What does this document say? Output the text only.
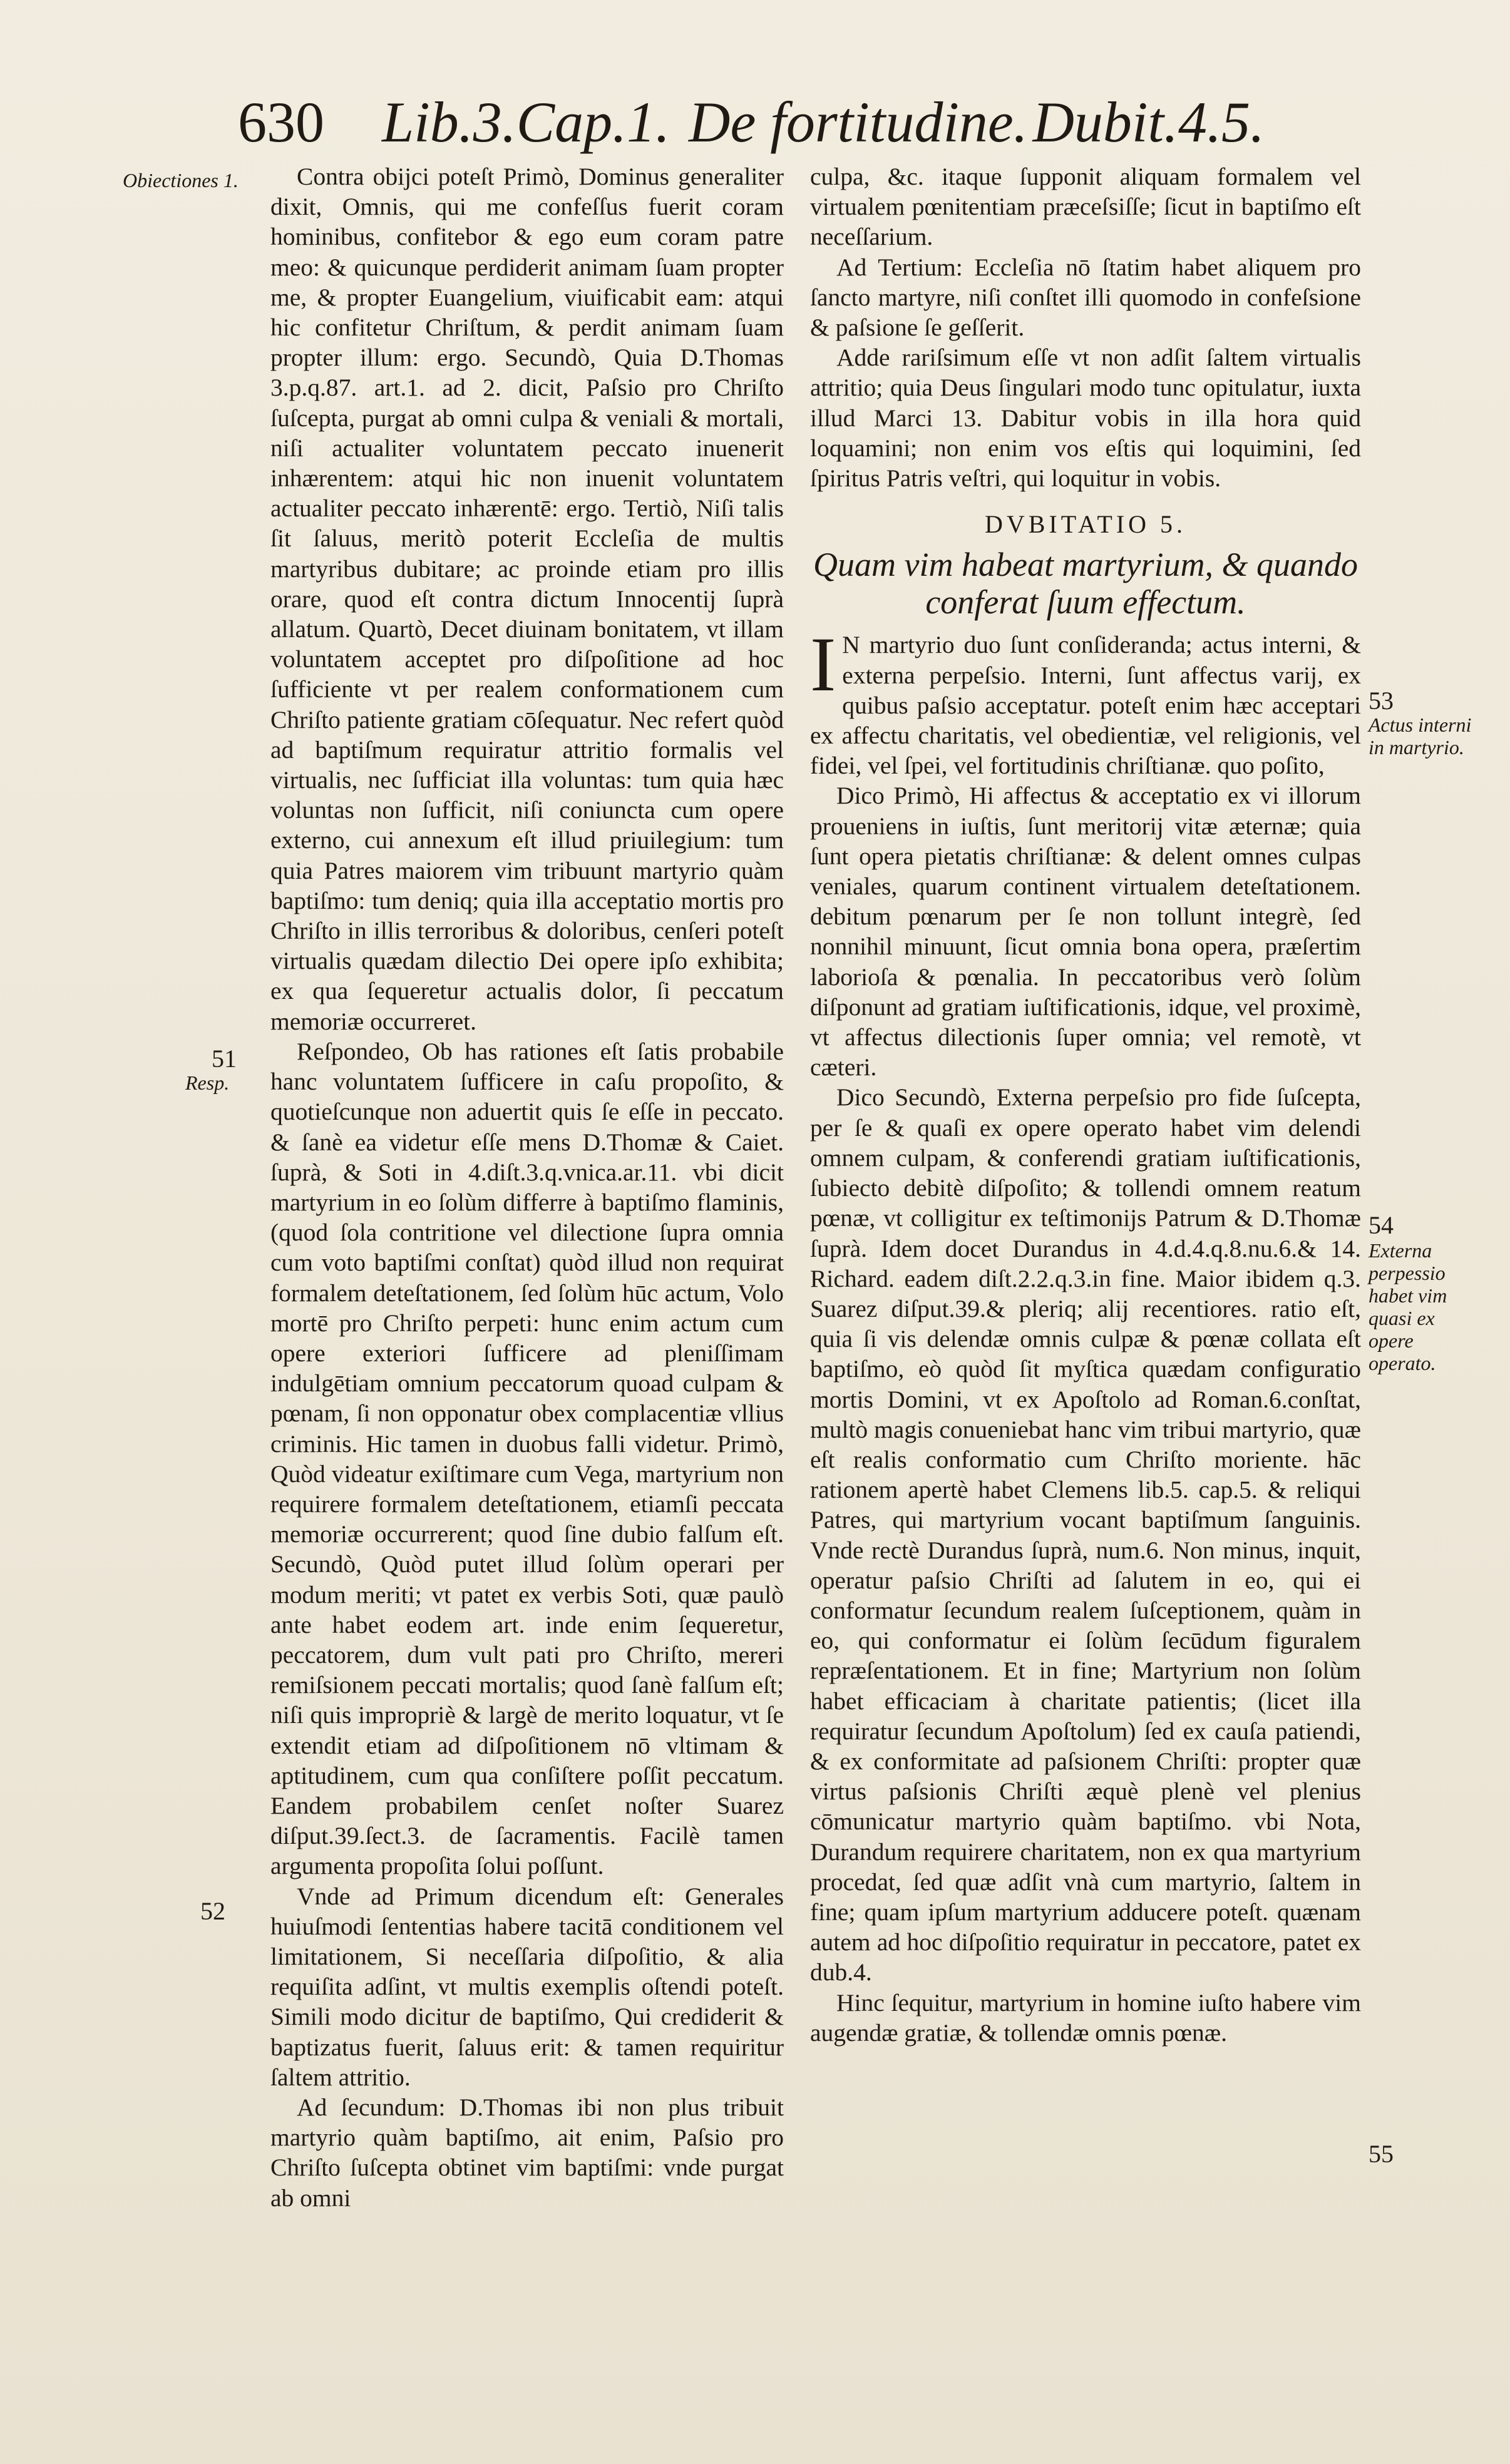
630 Lib.3.Cap.1. De fortitudine. Dubit.4.5.
Obiectiones 1.
51
Resp.
52
53
Actus interni in martyrio.
54
Externa perpessio habet vim quasi ex opere operato.
55

Contra obijci poteſt Primò, Dominus generaliter dixit, Omnis, qui me confeſſus fuerit coram hominibus, confitebor & ego eum coram patre meo: & quicunque perdiderit animam ſuam propter me, & propter Euangelium, viuificabit eam: atqui hic confitetur Chriſtum, & perdit animam ſuam propter illum: ergo. Secundò, Quia D.Thomas 3.p.q.87. art.1. ad 2. dicit, Paſsio pro Chriſto ſuſcepta, purgat ab omni culpa & veniali & mortali, niſi actualiter voluntatem peccato inuenerit inhærentem: atqui hic non inuenit voluntatem actualiter peccato inhærentē: ergo. Tertiò, Niſi talis ſit ſaluus, meritò poterit Eccleſia de multis martyribus dubitare; ac proinde etiam pro illis orare, quod eſt contra dictum Innocentij ſuprà allatum. Quartò, Decet diuinam bonitatem, vt illam voluntatem acceptet pro diſpoſitione ad hoc ſufficiente vt per realem conformationem cum Chriſto patiente gratiam cōſequatur. Nec refert quòd ad baptiſmum requiratur attritio formalis vel virtualis, nec ſufficiat illa voluntas: tum quia hæc voluntas non ſufficit, niſi coniuncta cum opere externo, cui annexum eſt illud priuilegium: tum quia Patres maiorem vim tribuunt martyrio quàm baptiſmo: tum deniq; quia illa acceptatio mortis pro Chriſto in illis terroribus & doloribus, cenſeri poteſt virtualis quædam dilectio Dei opere ipſo exhibita; ex qua ſequeretur actualis dolor, ſi peccatum memoriæ occurreret.

Reſpondeo, Ob has rationes eſt ſatis probabile hanc voluntatem ſufficere in caſu propoſito, & quotieſcunque non aduertit quis ſe eſſe in peccato. & ſanè ea videtur eſſe mens D.Thomæ & Caiet. ſuprà, & Soti in 4.diſt.3.q.vnica.ar.11. vbi dicit martyrium in eo ſolùm differre à baptiſmo flaminis, (quod ſola contritione vel dilectione ſupra omnia cum voto baptiſmi conſtat) quòd illud non requirat formalem deteſtationem, ſed ſolùm hūc actum, Volo mortē pro Chriſto perpeti: hunc enim actum cum opere exteriori ſufficere ad pleniſſimam indulgētiam omnium peccatorum quoad culpam & pœnam, ſi non opponatur obex complacentiæ vllius criminis. Hic tamen in duobus falli videtur. Primò, Quòd videatur exiſtimare cum Vega, martyrium non requirere formalem deteſtationem, etiamſi peccata memoriæ occurrerent; quod ſine dubio falſum eſt. Secundò, Quòd putet illud ſolùm operari per modum meriti; vt patet ex verbis Soti, quæ paulò ante habet eodem art. inde enim ſequeretur, peccatorem, dum vult pati pro Chriſto, mereri remiſsionem peccati mortalis; quod ſanè falſum eſt; niſi quis impropriè & largè de merito loquatur, vt ſe extendit etiam ad diſpoſitionem nō vltimam & aptitudinem, cum qua conſiſtere poſſit peccatum. Eandem probabilem cenſet noſter Suarez diſput.39.ſect.3. de ſacramentis. Facilè tamen argumenta propoſita ſolui poſſunt.

Vnde ad Primum dicendum eſt: Generales huiuſmodi ſententias habere tacitā conditionem vel limitationem, Si neceſſaria diſpoſitio, & alia requiſita adſint, vt multis exemplis oſtendi poteſt. Simili modo dicitur de baptiſmo, Qui crediderit & baptizatus fuerit, ſaluus erit: & tamen requiritur ſaltem attritio.

Ad ſecundum: D.Thomas ibi non plus tribuit martyrio quàm baptiſmo, ait enim, Paſsio pro Chriſto ſuſcepta obtinet vim baptiſmi: vnde purgat ab omni

culpa, &c. itaque ſupponit aliquam formalem vel virtualem pœnitentiam præceſsiſſe; ſicut in baptiſmo eſt neceſſarium.

Ad Tertium: Eccleſia nō ſtatim habet aliquem pro ſancto martyre, niſi conſtet illi quomodo in confeſsione & paſsione ſe geſſerit.

Adde rariſsimum eſſe vt non adſit ſaltem virtualis attritio; quia Deus ſingulari modo tunc opitulatur, iuxta illud Marci 13. Dabitur vobis in illa hora quid loquamini; non enim vos eſtis qui loquimini, ſed ſpiritus Patris veſtri, qui loquitur in vobis.

DVBITATIO 5.
Quam vim habeat martyrium, & quando conferat ſuum effectum.

I N martyrio duo ſunt conſideranda; actus interni, & externa perpeſsio. Interni, ſunt affectus varij, ex quibus paſsio acceptatur. poteſt enim hæc acceptari ex affectu charitatis, vel obedientiæ, vel religionis, vel fidei, vel ſpei, vel fortitudinis chriſtianæ. quo poſito,

Dico Primò, Hi affectus & acceptatio ex vi illorum proueniens in iuſtis, ſunt meritorij vitæ æternæ; quia ſunt opera pietatis chriſtianæ: & delent omnes culpas veniales, quarum continent virtualem deteſtationem. debitum pœnarum per ſe non tollunt integrè, ſed nonnihil minuunt, ſicut omnia bona opera, præſertim laborioſa & pœnalia. In peccatoribus verò ſolùm diſponunt ad gratiam iuſtificationis, idque, vel proximè, vt affectus dilectionis ſuper omnia; vel remotè, vt cæteri.

Dico Secundò, Externa perpeſsio pro fide ſuſcepta, per ſe & quaſi ex opere operato habet vim delendi omnem culpam, & conferendi gratiam iuſtificationis, ſubiecto debitè diſpoſito; & tollendi omnem reatum pœnæ, vt colligitur ex teſtimonijs Patrum & D.Thomæ ſuprà. Idem docet Durandus in 4.d.4.q.8.nu.6.& 14. Richard. eadem diſt.2.2.q.3.in fine. Maior ibidem q.3. Suarez diſput.39.& pleriq; alij recentiores. ratio eſt, quia ſi vis delendæ omnis culpæ & pœnæ collata eſt baptiſmo, eò quòd ſit myſtica quædam configuratio mortis Domini, vt ex Apoſtolo ad Roman.6.conſtat, multò magis conueniebat hanc vim tribui martyrio, quæ eſt realis conformatio cum Chriſto moriente. hāc rationem apertè habet Clemens lib.5. cap.5. & reliqui Patres, qui martyrium vocant baptiſmum ſanguinis. Vnde rectè Durandus ſuprà, num.6. Non minus, inquit, operatur paſsio Chriſti ad ſalutem in eo, qui ei conformatur ſecundum realem ſuſceptionem, quàm in eo, qui conformatur ei ſolùm ſecūdum figuralem repræſentationem. Et in fine; Martyrium non ſolùm habet efficaciam à charitate patientis; (licet illa requiratur ſecundum Apoſtolum) ſed ex cauſa patiendi, & ex conformitate ad paſsionem Chriſti: propter quæ virtus paſsionis Chriſti æquè plenè vel plenius cōmunicatur martyrio quàm baptiſmo. vbi Nota, Durandum requirere charitatem, non ex qua martyrium procedat, ſed quæ adſit vnà cum martyrio, ſaltem in fine; quam ipſum martyrium adducere poteſt. quænam autem ad hoc diſpoſitio requiratur in peccatore, patet ex dub.4.

Hinc ſequitur, martyrium in homine iuſto habere vim augendæ gratiæ, & tollendæ omnis pœnæ.
